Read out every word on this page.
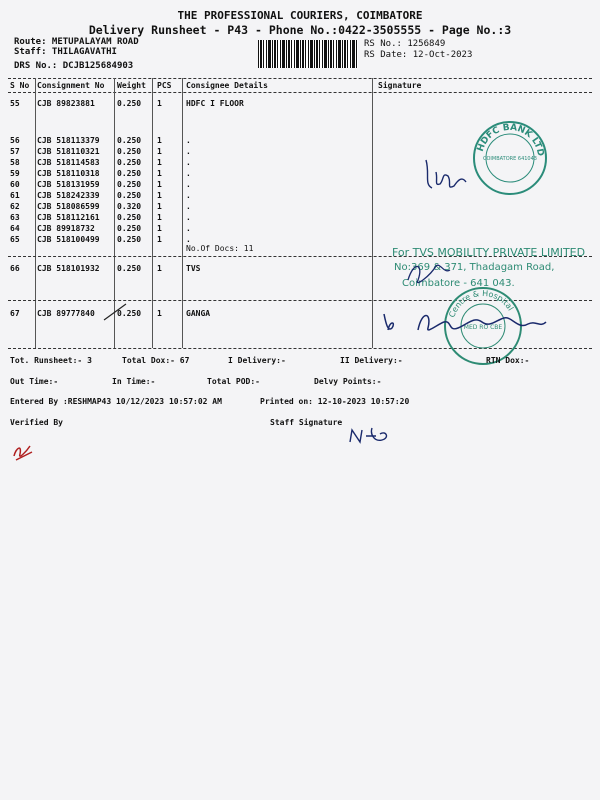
THE PROFESSIONAL COURIERS, COIMBATORE
Delivery Runsheet - P43 - Phone No.:0422-3505555 - Page No.:3
Route: METUPALAYAM ROAD
Staff: THILAGAVATHI
DRS No.: DCJB125684903
RS No.: 1256849
RS Date: 12-Oct-2023
S No Consignment No Weight PCS Consignee Details	Signature
55 CJB 89823881	0.250 1	HDFC I FLOOR
56 CJB 518113379 0.250 1	.
57 CJB 518110321 0.250 1	.
58 CJB 518114583 0.250 1	.
59 CJB 518110318 0.250 1	.
60 CJB 518131959 0.250 1	.
61 CJB 518242339 0.250 1	.
62 CJB 518086599 0.320 1	.
63 CJB 518112161 0.250 1	.
64 CJB 89918732	0.250 1	.
65 CJB 518100499 0.250 1	.
No.Of Docs: 11
66 CJB 518101932 0.250 1	TVS
67 CJB 89777840	0.250 1	GANGA
HDFC BANK LTD
COIMBATORE 641043
For TVS MOBILITY PRIVATE LIMITED
No:369 & 371, Thadagam Road,
Coimbatore - 641 043.
Centre & Hospital
MED RO CBE
Tot. Runsheet:- 3	Total Dox:- 67	I Delivery:-	II Delivery:-	RTN Dox:-
Out Time:-	In Time:-	Total POD:-	Delvy Points:-
Entered By :RESHMAP43 10/12/2023 10:57:02 AM	Printed on: 12-10-2023 10:57:20
Verified By	Staff Signature
